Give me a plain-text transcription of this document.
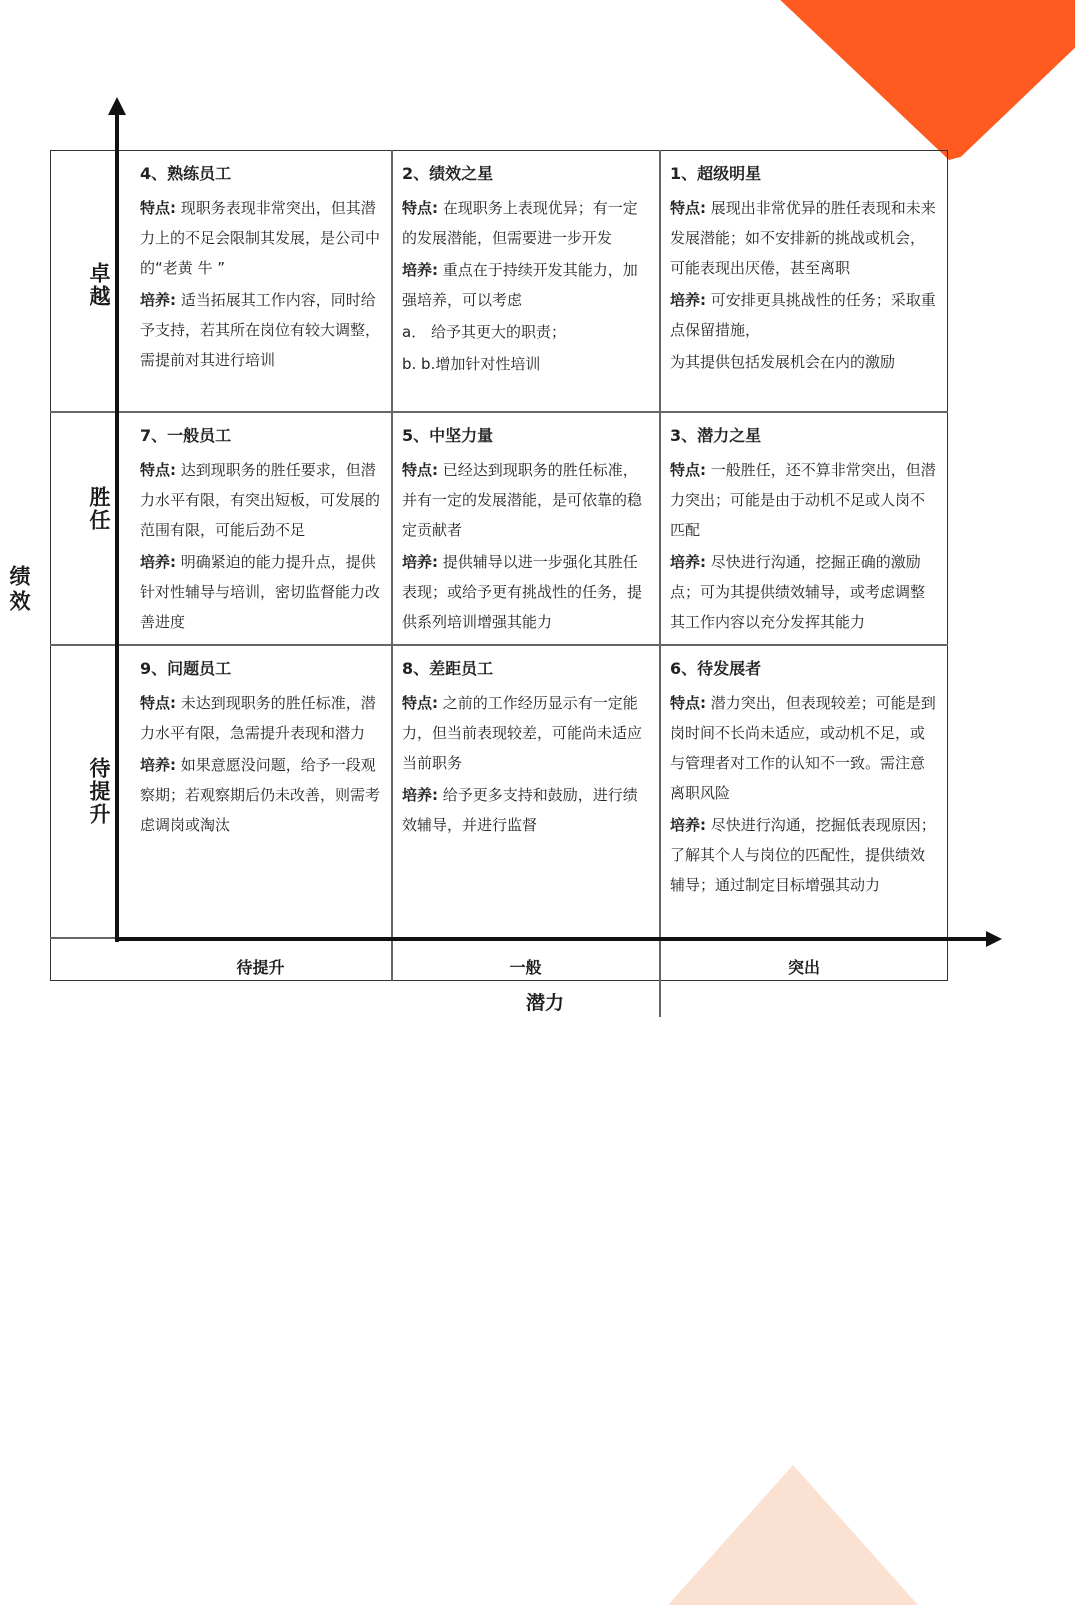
绩效
卓越
胜任
待提升
4、熟练员工

特点: 现职务表现非常突出，但其潜力上的不足会限制其发展，是公司中的“老黄 牛 ”

培养: 适当拓展其工作内容，同时给予支持，若其所在岗位有较大调整，需提前对其进行培训

2、绩效之星

特点: 在现职务上表现优异；有一定的发展潜能，但需要进一步开发

培养: 重点在于持续开发其能力，加强培养，可以考虑

a． 给予其更大的职责；

b. b.增加针对性培训

1、超级明星

特点: 展现出非常优异的胜任表现和未来发展潜能；如不安排新的挑战或机会，可能表现出厌倦，甚至离职

培养: 可安排更具挑战性的任务；采取重点保留措施，

为其提供包括发展机会在内的激励

7、一般员工

特点: 达到现职务的胜任要求，但潜力水平有限，有突出短板，可发展的范围有限，可能后劲不足

培养: 明确紧迫的能力提升点，提供针对性辅导与培训，密切监督能力改善进度

5、中坚力量

特点: 已经达到现职务的胜任标准，并有一定的发展潜能，是可依靠的稳定贡献者

培养: 提供辅导以进一步强化其胜任表现；或给予更有挑战性的任务，提供系列培训增强其能力

3、潜力之星

特点: 一般胜任，还不算非常突出，但潜力突出；可能是由于动机不足或人岗不匹配

培养: 尽快进行沟通，挖掘正确的激励点；可为其提供绩效辅导，或考虑调整其工作内容以充分发挥其能力

9、问题员工

特点: 未达到现职务的胜任标准，潜力水平有限，急需提升表现和潜力

培养: 如果意愿没问题，给予一段观察期；若观察期后仍未改善，则需考虑调岗或淘汰

8、差距员工

特点: 之前的工作经历显示有一定能力，但当前表现较差，可能尚未适应当前职务

培养: 给予更多支持和鼓励，进行绩效辅导，并进行监督

6、待发展者

特点: 潜力突出，但表现较差；可能是到岗时间不长尚未适应，或动机不足，或与管理者对工作的认知不一致。需注意离职风险

培养: 尽快进行沟通，挖掘低表现原因；了解其个人与岗位的匹配性，提供绩效辅导；通过制定目标增强其动力

待提升	一般	突出
潜力
